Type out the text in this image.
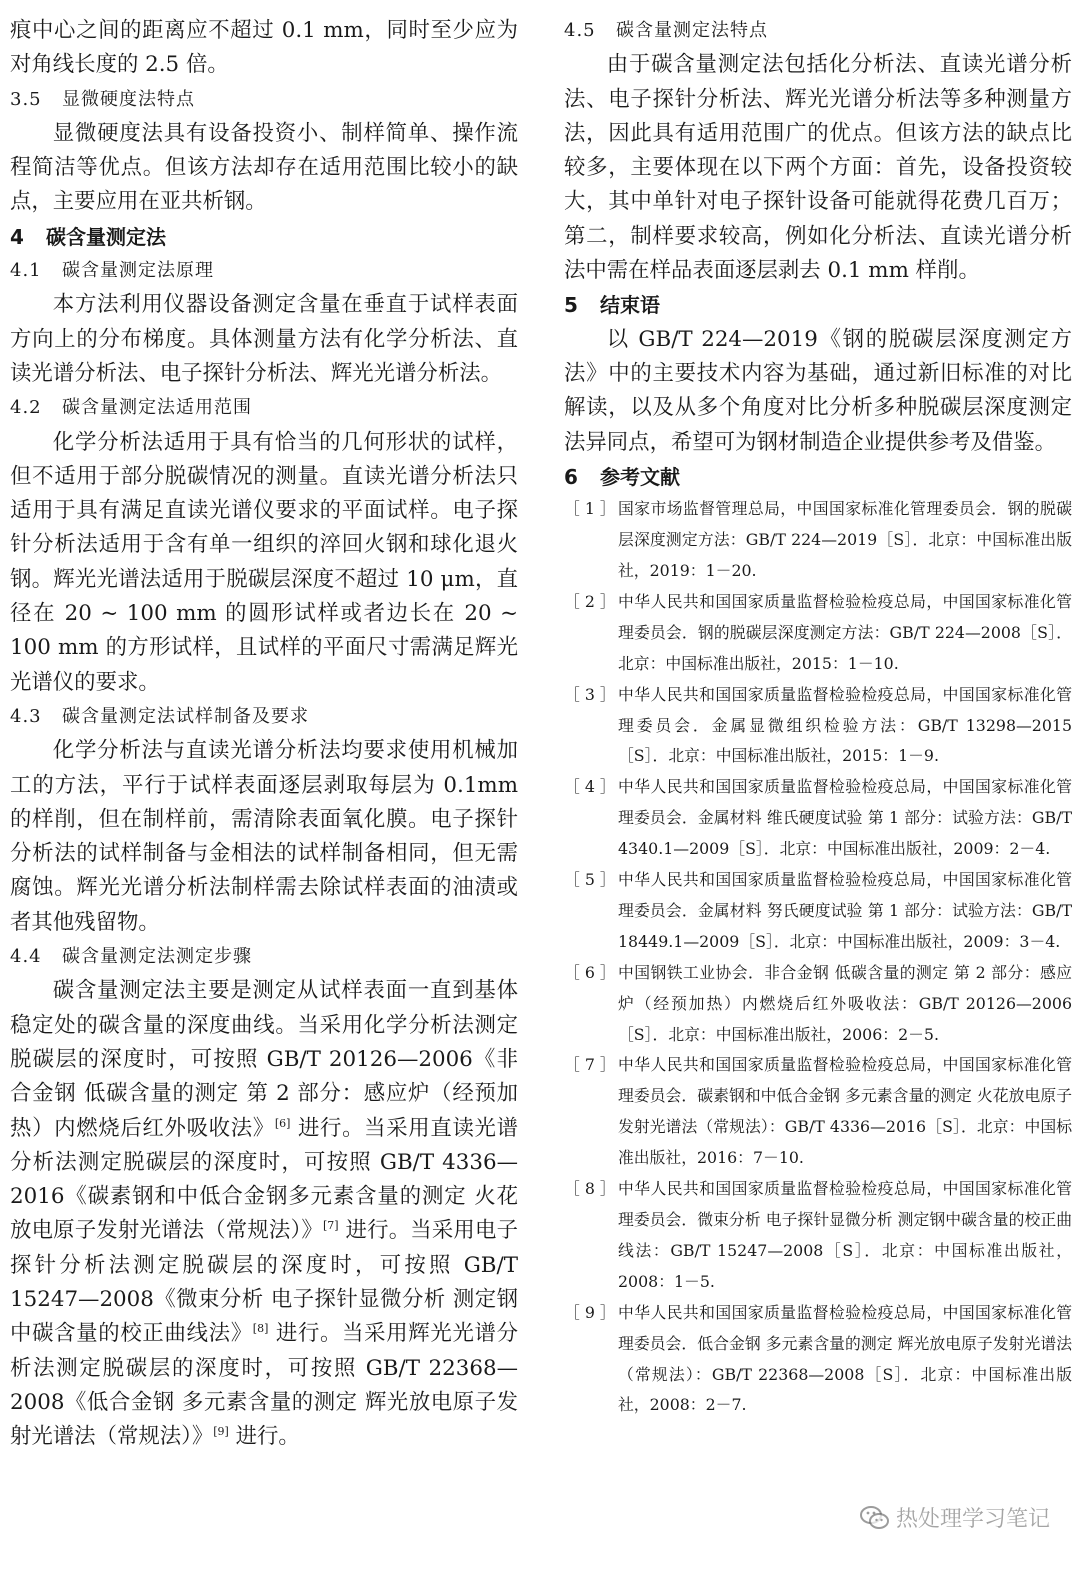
痕中心之间的距离应不超过 0.1 mm，同时至少应为对角线长度的 2.5 倍。

3.5 显微硬度法特点

显微硬度法具有设备投资小、制样简单、操作流程简洁等优点。但该方法却存在适用范围比较小的缺点，主要应用在亚共析钢。

4 碳含量测定法
4.1 碳含量测定法原理

本方法利用仪器设备测定含量在垂直于试样表面方向上的分布梯度。具体测量方法有化学分析法、直读光谱分析法、电子探针分析法、辉光光谱分析法。

4.2 碳含量测定法适用范围

化学分析法适用于具有恰当的几何形状的试样，但不适用于部分脱碳情况的测量。直读光谱分析法只适用于具有满足直读光谱仪要求的平面试样。电子探针分析法适用于含有单一组织的淬回火钢和球化退火钢。辉光光谱法适用于脱碳层深度不超过 10 μm，直径在 20 ~ 100 mm 的圆形试样或者边长在 20 ~ 100 mm 的方形试样，且试样的平面尺寸需满足辉光光谱仪的要求。

4.3 碳含量测定法试样制备及要求

化学分析法与直读光谱分析法均要求使用机械加工的方法，平行于试样表面逐层剥取每层为 0.1mm 的样削，但在制样前，需清除表面氧化膜。电子探针分析法的试样制备与金相法的试样制备相同，但无需腐蚀。辉光光谱分析法制样需去除试样表面的油渍或者其他残留物。

4.4 碳含量测定法测定步骤

碳含量测定法主要是测定从试样表面一直到基体稳定处的碳含量的深度曲线。当采用化学分析法测定脱碳层的深度时，可按照 GB/T 20126—2006《非合金钢 低碳含量的测定 第 2 部分：感应炉（经预加热）内燃烧后红外吸收法》[6] 进行。当采用直读光谱分析法测定脱碳层的深度时，可按照 GB/T 4336—2016《碳素钢和中低合金钢多元素含量的测定 火花放电原子发射光谱法（常规法）》[7] 进行。当采用电子探针分析法测定脱碳层的深度时，可按照 GB/T 15247—2008《微束分析 电子探针显微分析 测定钢中碳含量的校正曲线法》[8] 进行。当采用辉光光谱分析法测定脱碳层的深度时，可按照 GB/T 22368—2008《低合金钢 多元素含量的测定 辉光放电原子发射光谱法（常规法）》[9] 进行。

4.5 碳含量测定法特点

由于碳含量测定法包括化分析法、直读光谱分析法、电子探针分析法、辉光光谱分析法等多种测量方法，因此具有适用范围广的优点。但该方法的缺点比较多，主要体现在以下两个方面：首先，设备投资较大，其中单针对电子探针设备可能就得花费几百万；第二，制样要求较高，例如化分析法、直读光谱分析法中需在样品表面逐层剥去 0.1 mm 样削。

5 结束语

以 GB/T 224—2019《钢的脱碳层深度测定方法》中的主要技术内容为基础，通过新旧标准的对比解读，以及从多个角度对比分析多种脱碳层深度测定法异同点，希望可为钢材制造企业提供参考及借鉴。

6 参考文献
［ 1 ］ 国家市场监督管理总局，中国国家标准化管理委员会．钢的脱碳层深度测定方法：GB/T 224—2019［S］．北京：中国标准出版社，2019：1－20.
［ 2 ］ 中华人民共和国国家质量监督检验检疫总局，中国国家标准化管理委员会．钢的脱碳层深度测定方法：GB/T 224—2008［S］．北京：中国标准出版社，2015：1－10.
［ 3 ］ 中华人民共和国国家质量监督检验检疫总局，中国国家标准化管理委员会．金属显微组织检验方法：GB/T 13298—2015［S］．北京：中国标准出版社，2015：1－9.
［ 4 ］ 中华人民共和国国家质量监督检验检疫总局，中国国家标准化管理委员会．金属材料 维氏硬度试验 第 1 部分：试验方法：GB/T 4340.1—2009［S］．北京：中国标准出版社，2009：2－4.
［ 5 ］ 中华人民共和国国家质量监督检验检疫总局，中国国家标准化管理委员会．金属材料 努氏硬度试验 第 1 部分：试验方法：GB/T 18449.1—2009［S］．北京：中国标准出版社，2009：3－4.
［ 6 ］ 中国钢铁工业协会．非合金钢 低碳含量的测定 第 2 部分：感应炉（经预加热）内燃烧后红外吸收法：GB/T 20126—2006［S］．北京：中国标准出版社，2006：2－5.
［ 7 ］ 中华人民共和国国家质量监督检验检疫总局，中国国家标准化管理委员会．碳素钢和中低合金钢 多元素含量的测定 火花放电原子发射光谱法（常规法）：GB/T 4336—2016［S］．北京：中国标准出版社，2016：7－10.
［ 8 ］ 中华人民共和国国家质量监督检验检疫总局，中国国家标准化管理委员会．微束分析 电子探针显微分析 测定钢中碳含量的校正曲线法：GB/T 15247—2008［S］．北京：中国标准出版社，2008：1－5.
［ 9 ］ 中华人民共和国国家质量监督检验检疫总局，中国国家标准化管理委员会．低合金钢 多元素含量的测定 辉光放电原子发射光谱法（常规法）：GB/T 22368—2008［S］．北京：中国标准出版社，2008：2－7.
热处理学习笔记
